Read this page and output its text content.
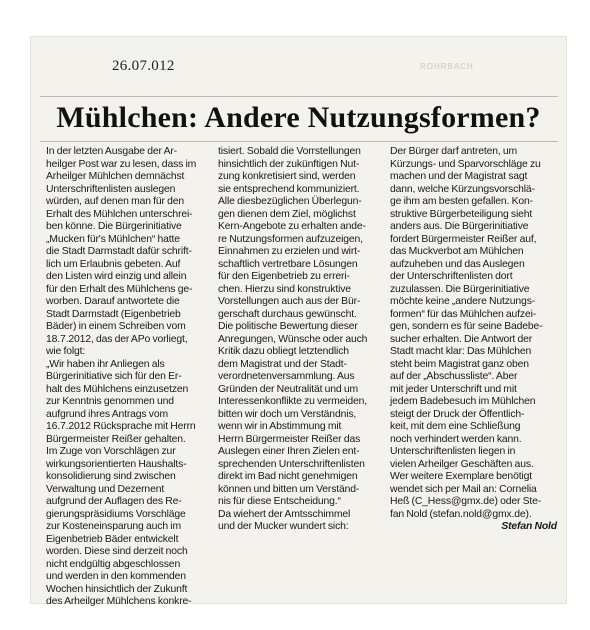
26.07.012	ROHRBACH
Mühlchen: Andere Nutzungsformen?

In der letzten Ausgabe der Ar-
heilger Post war zu lesen, dass im
Arheilger Mühlchen demnächst
Unterschriftenlisten auslegen
würden, auf denen man für den
Erhalt des Mühlchen unterschrei-
ben könne. Die Bürgerinitiative
„Mucken für's Mühlchen“ hatte
die Stadt Darmstadt dafür schrift-
lich um Erlaubnis gebeten. Auf
den Listen wird einzig und allein
für den Erhalt des Mühlchens ge-
worben. Darauf antwortete die
Stadt Darmstadt (Eigenbetrieb
Bäder) in einem Schreiben vom
18.7.2012, das der APo vorliegt,
wie folgt:
„Wir haben ihr Anliegen als
Bürgerinitiative sich für den Er-
halt des Mühlchens einzusetzen
zur Kenntnis genommen und
aufgrund ihres Antrags vom
16.7.2012 Rücksprache mit Herrn
Bürgermeister Reißer gehalten.
Im Zuge von Vorschlägen zur
wirkungsorientierten Haushalts-
konsolidierung sind zwischen
Verwaltung und Dezernent
aufgrund der Auflagen des Re-
gierungspräsidiums Vorschläge
zur Kosteneinsparung auch im
Eigenbetrieb Bäder entwickelt
worden. Diese sind derzeit noch
nicht endgültig abgeschlossen
und werden in den kommenden
Wochen hinsichtlich der Zukunft
des Arheilger Mühlchens konkre-

tisiert. Sobald die Vorrstellungen
hinsichtlich der zukünftigen Nut-
zung konkretisiert sind, werden
sie entsprechend kommuniziert.
Alle diesbezüglichen Überlegun-
gen dienen dem Ziel, möglichst
Kern-Angebote zu erhalten ande-
re Nutzungsformen aufzuzeigen,
Einnahmen zu erzielen und wirt-
schaftlich vertretbare Lösungen
für den Eigenbetrieb zu erreri-
chen. Hierzu sind konstruktive
Vorstellungen auch aus der Bür-
gerschaft durchaus gewünscht.
Die politische Bewertung dieser
Anregungen, Wünsche oder auch
Kritik dazu obliegt letztendlich
dem Magistrat und der Stadt-
verordnetenversammlung. Aus
Gründen der Neutralität und um
Interessenkonflikte zu vermeiden,
bitten wir doch um Verständnis,
wenn wir in Abstimmung mit
Herrn Bürgermeister Reißer das
Auslegen einer Ihren Zielen ent-
sprechenden Unterschriftenlisten
direkt im Bad nicht genehmigen
können und bitten um Verständ-
nis für diese Entscheidung.“
Da wiehert der Amtsschimmel
und der Mucker wundert sich:

Der Bürger darf antreten, um
Kürzungs- und Sparvorschläge zu
machen und der Magistrat sagt
dann, welche Kürzungsvorschlä-
ge ihm am besten gefallen. Kon-
struktive Bürgerbeteiligung sieht
anders aus. Die Bürgerinitiative
fordert Bürgermeister Reißer auf,
das Muckverbot am Mühlchen
aufzuheben und das Auslegen
der Unterschriftenlisten dort
zuzulassen. Die Bürgerinitiative
möchte keine „andere Nutzungs-
formen“ für das Mühlchen aufzei-
gen, sondern es für seine Badebe-
sucher erhalten. Die Antwort der
Stadt macht klar: Das Mühlchen
steht beim Magistrat ganz oben
auf der „Abschussliste“. Aber
mit jeder Unterschrift und mit
jedem Badebesuch im Mühlchen
steigt der Druck der Öffentlich-
keit, mit dem eine Schließung
noch verhindert werden kann.
Unterschriftenlisten liegen in
vielen Arheilger Geschäften aus.
Wer weitere Exemplare benötigt
wendet sich per Mail an: Cornelia
Heß (C_Hess@gmx.de) oder Ste-
fan Nold (stefan.nold@gmx.de).

Stefan Nold
